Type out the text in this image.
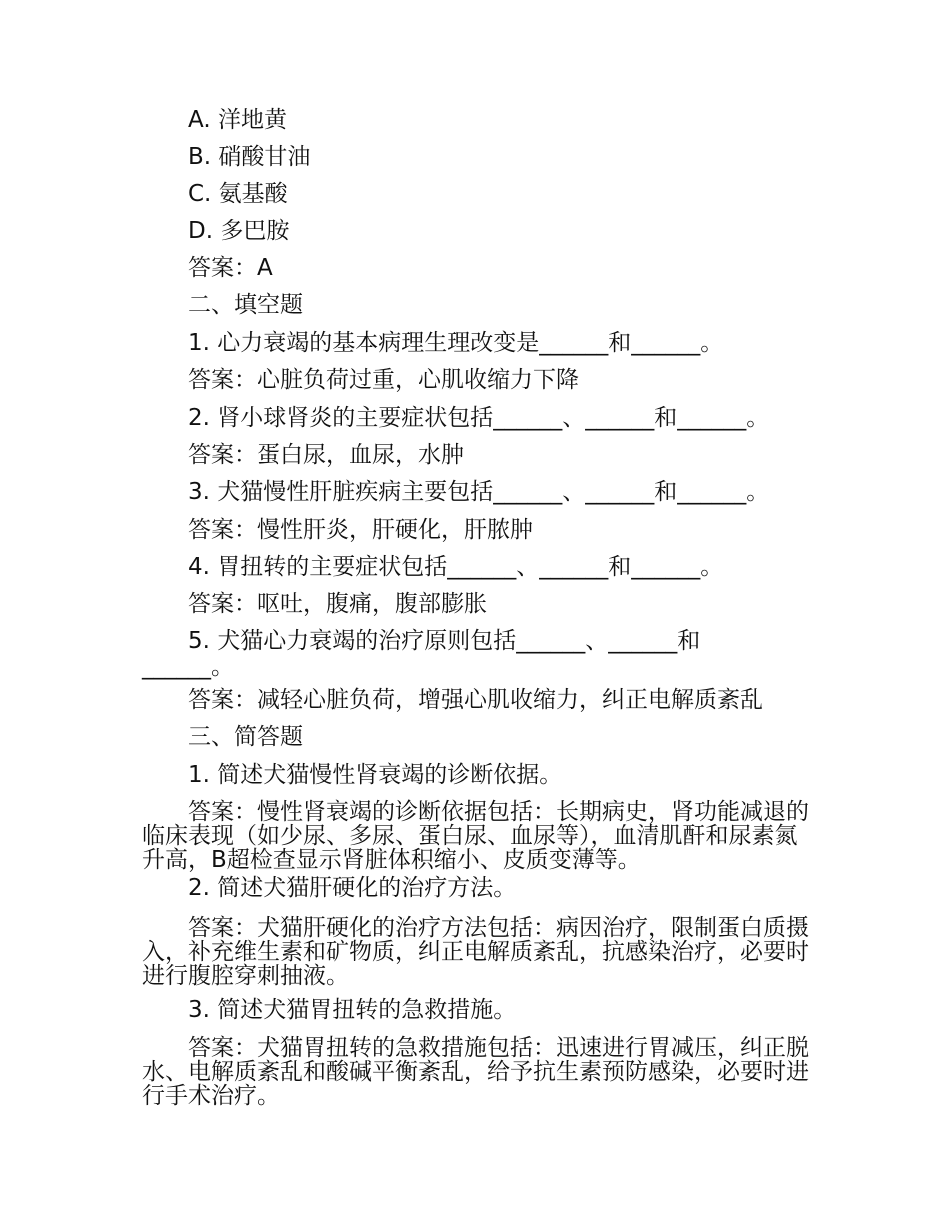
A. 洋地黄
B. 硝酸甘油
C. 氨基酸
D. 多巴胺
答案：A
二、填空题
1. 心力衰竭的基本病理生理改变是______和______。
答案：心脏负荷过重，心肌收缩力下降
2. 肾小球肾炎的主要症状包括______、______和______。
答案：蛋白尿，血尿，水肿
3. 犬猫慢性肝脏疾病主要包括______、______和______。
答案：慢性肝炎，肝硬化，肝脓肿
4. 胃扭转的主要症状包括______、______和______。
答案：呕吐，腹痛，腹部膨胀
5. 犬猫心力衰竭的治疗原则包括______、______和
______。
答案：减轻心脏负荷，增强心肌收缩力，纠正电解质紊乱
三、简答题
1. 简述犬猫慢性肾衰竭的诊断依据。
答案：慢性肾衰竭的诊断依据包括：长期病史，肾功能减退的临床表现（如少尿、多尿、蛋白尿、血尿等），血清肌酐和尿素氮升高，B超检查显示肾脏体积缩小、皮质变薄等。
2. 简述犬猫肝硬化的治疗方法。
答案：犬猫肝硬化的治疗方法包括：病因治疗，限制蛋白质摄入，补充维生素和矿物质，纠正电解质紊乱，抗感染治疗，必要时进行腹腔穿刺抽液。
3. 简述犬猫胃扭转的急救措施。
答案：犬猫胃扭转的急救措施包括：迅速进行胃减压，纠正脱水、电解质紊乱和酸碱平衡紊乱，给予抗生素预防感染，必要时进行手术治疗。
